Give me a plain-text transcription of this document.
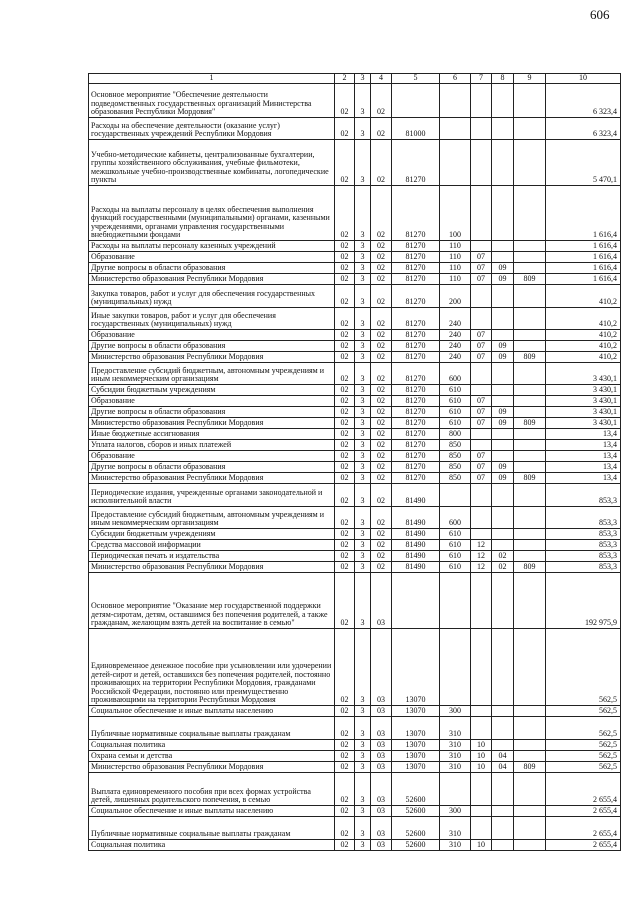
606
1	2	3	4	5	6	7	8	9	10
Основное мероприятие "Обеспечение деятельности подведомственных государственных организаций Министерства образования Республики Мордовия"	02	3	02						6 323,4
Расходы на обеспечение деятельности (оказание услуг) государственных учреждений Республики Мордовия	02	3	02	81000					6 323,4
Учебно-методические кабинеты, централизованные бухгалтерии, группы хозяйственного обслуживания, учебные фильмотеки, межшкольные учебно-производственные комбинаты, логопедические пункты	02	3	02	81270					5 470,1
Расходы на выплаты персоналу в целях обеспечения выполнения функций государственными (муниципальными) органами, казенными учреждениями, органами управления государственными внебюджетными фондами	02	3	02	81270	100				1 616,4
Расходы на выплаты персоналу казенных учреждений	02	3	02	81270	110				1 616,4
Образование	02	3	02	81270	110	07			1 616,4
Другие вопросы в области образования	02	3	02	81270	110	07	09		1 616,4
Министерство образования Республики Мордовия	02	3	02	81270	110	07	09	809	1 616,4
Закупка товаров, работ и услуг для обеспечения государственных (муниципальных) нужд	02	3	02	81270	200				410,2
Иные закупки товаров, работ и услуг для обеспечения государственных (муниципальных) нужд	02	3	02	81270	240				410,2
Образование	02	3	02	81270	240	07			410,2
Другие вопросы в области образования	02	3	02	81270	240	07	09		410,2
Министерство образования Республики Мордовия	02	3	02	81270	240	07	09	809	410,2
Предоставление субсидий бюджетным, автономным учреждениям и иным некоммерческим организациям	02	3	02	81270	600				3 430,1
Субсидии бюджетным учреждениям	02	3	02	81270	610				3 430,1
Образование	02	3	02	81270	610	07			3 430,1
Другие вопросы в области образования	02	3	02	81270	610	07	09		3 430,1
Министерство образования Республики Мордовия	02	3	02	81270	610	07	09	809	3 430,1
Иные бюджетные ассигнования	02	3	02	81270	800				13,4
Уплата налогов, сборов и иных платежей	02	3	02	81270	850				13,4
Образование	02	3	02	81270	850	07			13,4
Другие вопросы в области образования	02	3	02	81270	850	07	09		13,4
Министерство образования Республики Мордовия	02	3	02	81270	850	07	09	809	13,4
Периодические издания, учрежденные органами законодательной и исполнительной власти	02	3	02	81490					853,3
Предоставление субсидий бюджетным, автономным учреждениям и иным некоммерческим организациям	02	3	02	81490	600				853,3
Субсидии бюджетным учреждениям	02	3	02	81490	610				853,3
Средства массовой информации	02	3	02	81490	610	12			853,3
Периодическая печать и издательства	02	3	02	81490	610	12	02		853,3
Министерство образования Республики Мордовия	02	3	02	81490	610	12	02	809	853,3
Основное мероприятие "Оказание мер государственной поддержки детям-сиротам, детям, оставшимся без попечения родителей, а также гражданам, желающим взять детей на воспитание в семью"	02	3	03						192 975,9
Единовременное денежное пособие при усыновлении или удочерении детей-сирот и детей, оставшихся без попечения родителей, постоянно проживающих на территории Республики Мордовия, гражданами Российской Федерации, постоянно или преимущественно проживающими на территории Республики Мордовия	02	3	03	13070					562,5
Социальное обеспечение и иные выплаты населению	02	3	03	13070	300				562,5
Публичные нормативные социальные выплаты гражданам	02	3	03	13070	310				562,5
Социальная политика	02	3	03	13070	310	10			562,5
Охрана семьи и детства	02	3	03	13070	310	10	04		562,5
Министерство образования Республики Мордовия	02	3	03	13070	310	10	04	809	562,5
Выплата единовременного пособия при всех формах устройства детей, лишенных родительского попечения, в семью	02	3	03	52600					2 655,4
Социальное обеспечение и иные выплаты населению	02	3	03	52600	300				2 655,4
Публичные нормативные социальные выплаты гражданам	02	3	03	52600	310				2 655,4
Социальная политика	02	3	03	52600	310	10			2 655,4
